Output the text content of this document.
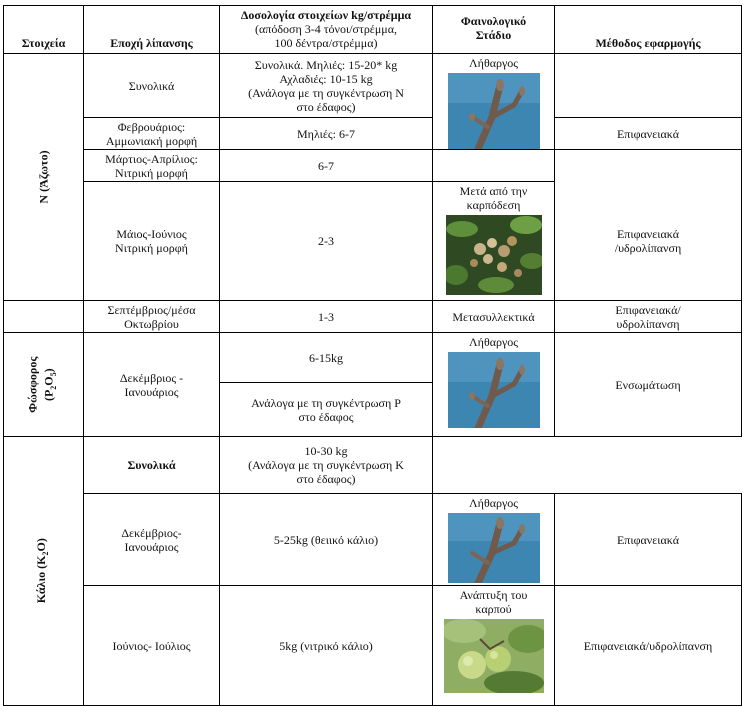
Στοιχεία	Εποχή λίπανσης	Δοσολογία στοιχείων kg/στρέμμα
(απόδοση 3-4 τόνοι/στρέμμα,
100 δέντρα/στρέμμα)	Φαινολογικό
Στάδιο	Μέθοδος εφαρμογής
Ν (Άζωτο)	Συνολικά	Συνολικά. Μηλιές: 15-20* kg
Αχλαδιές: 10-15 kg
(Ανάλογα με τη συγκέντρωση Ν
στο έδαφος)	Λήθαργος

	Φεβρουάριος:
Αμμωνιακή μορφή	Μηλιές: 6-7		Επιφανειακά
	Μάρτιος-Απρίλιος:
Νιτρική μορφή	6-7		
	Μάιος-Ιούνιος
Νιτρική μορφή	2-3	Μετά από την
καρπόδεση	Επιφανειακά
/υδρολίπανση
	Σεπτέμβριος/μέσα
Οκτωβρίου	1-3	Μετασυλλεκτικά	Επιφανειακά/
υδρολίπανση
Φώσφορος $(P_2O_5)$	Δεκέμβριος -
Ιανουάριος	6-15kg	Λήθαργος	Ενσωμάτωση
		Ανάλογα με τη συγκέντρωση Ρ
στο έδαφος		
Κάλιο $(K_2O)$	Συνολικά	10-30 kg
(Ανάλογα με τη συγκέντρωση Κ
στο έδαφος)		
	Δεκέμβριος-
Ιανουάριος	5-25kg (θειικό κάλιο)	Λήθαργος	Επιφανειακά
	Ιούνιος- Ιούλιος	5kg (νιτρικό κάλιο)	Ανάπτυξη του
καρπού	Επιφανειακά/υδρολίπανση
